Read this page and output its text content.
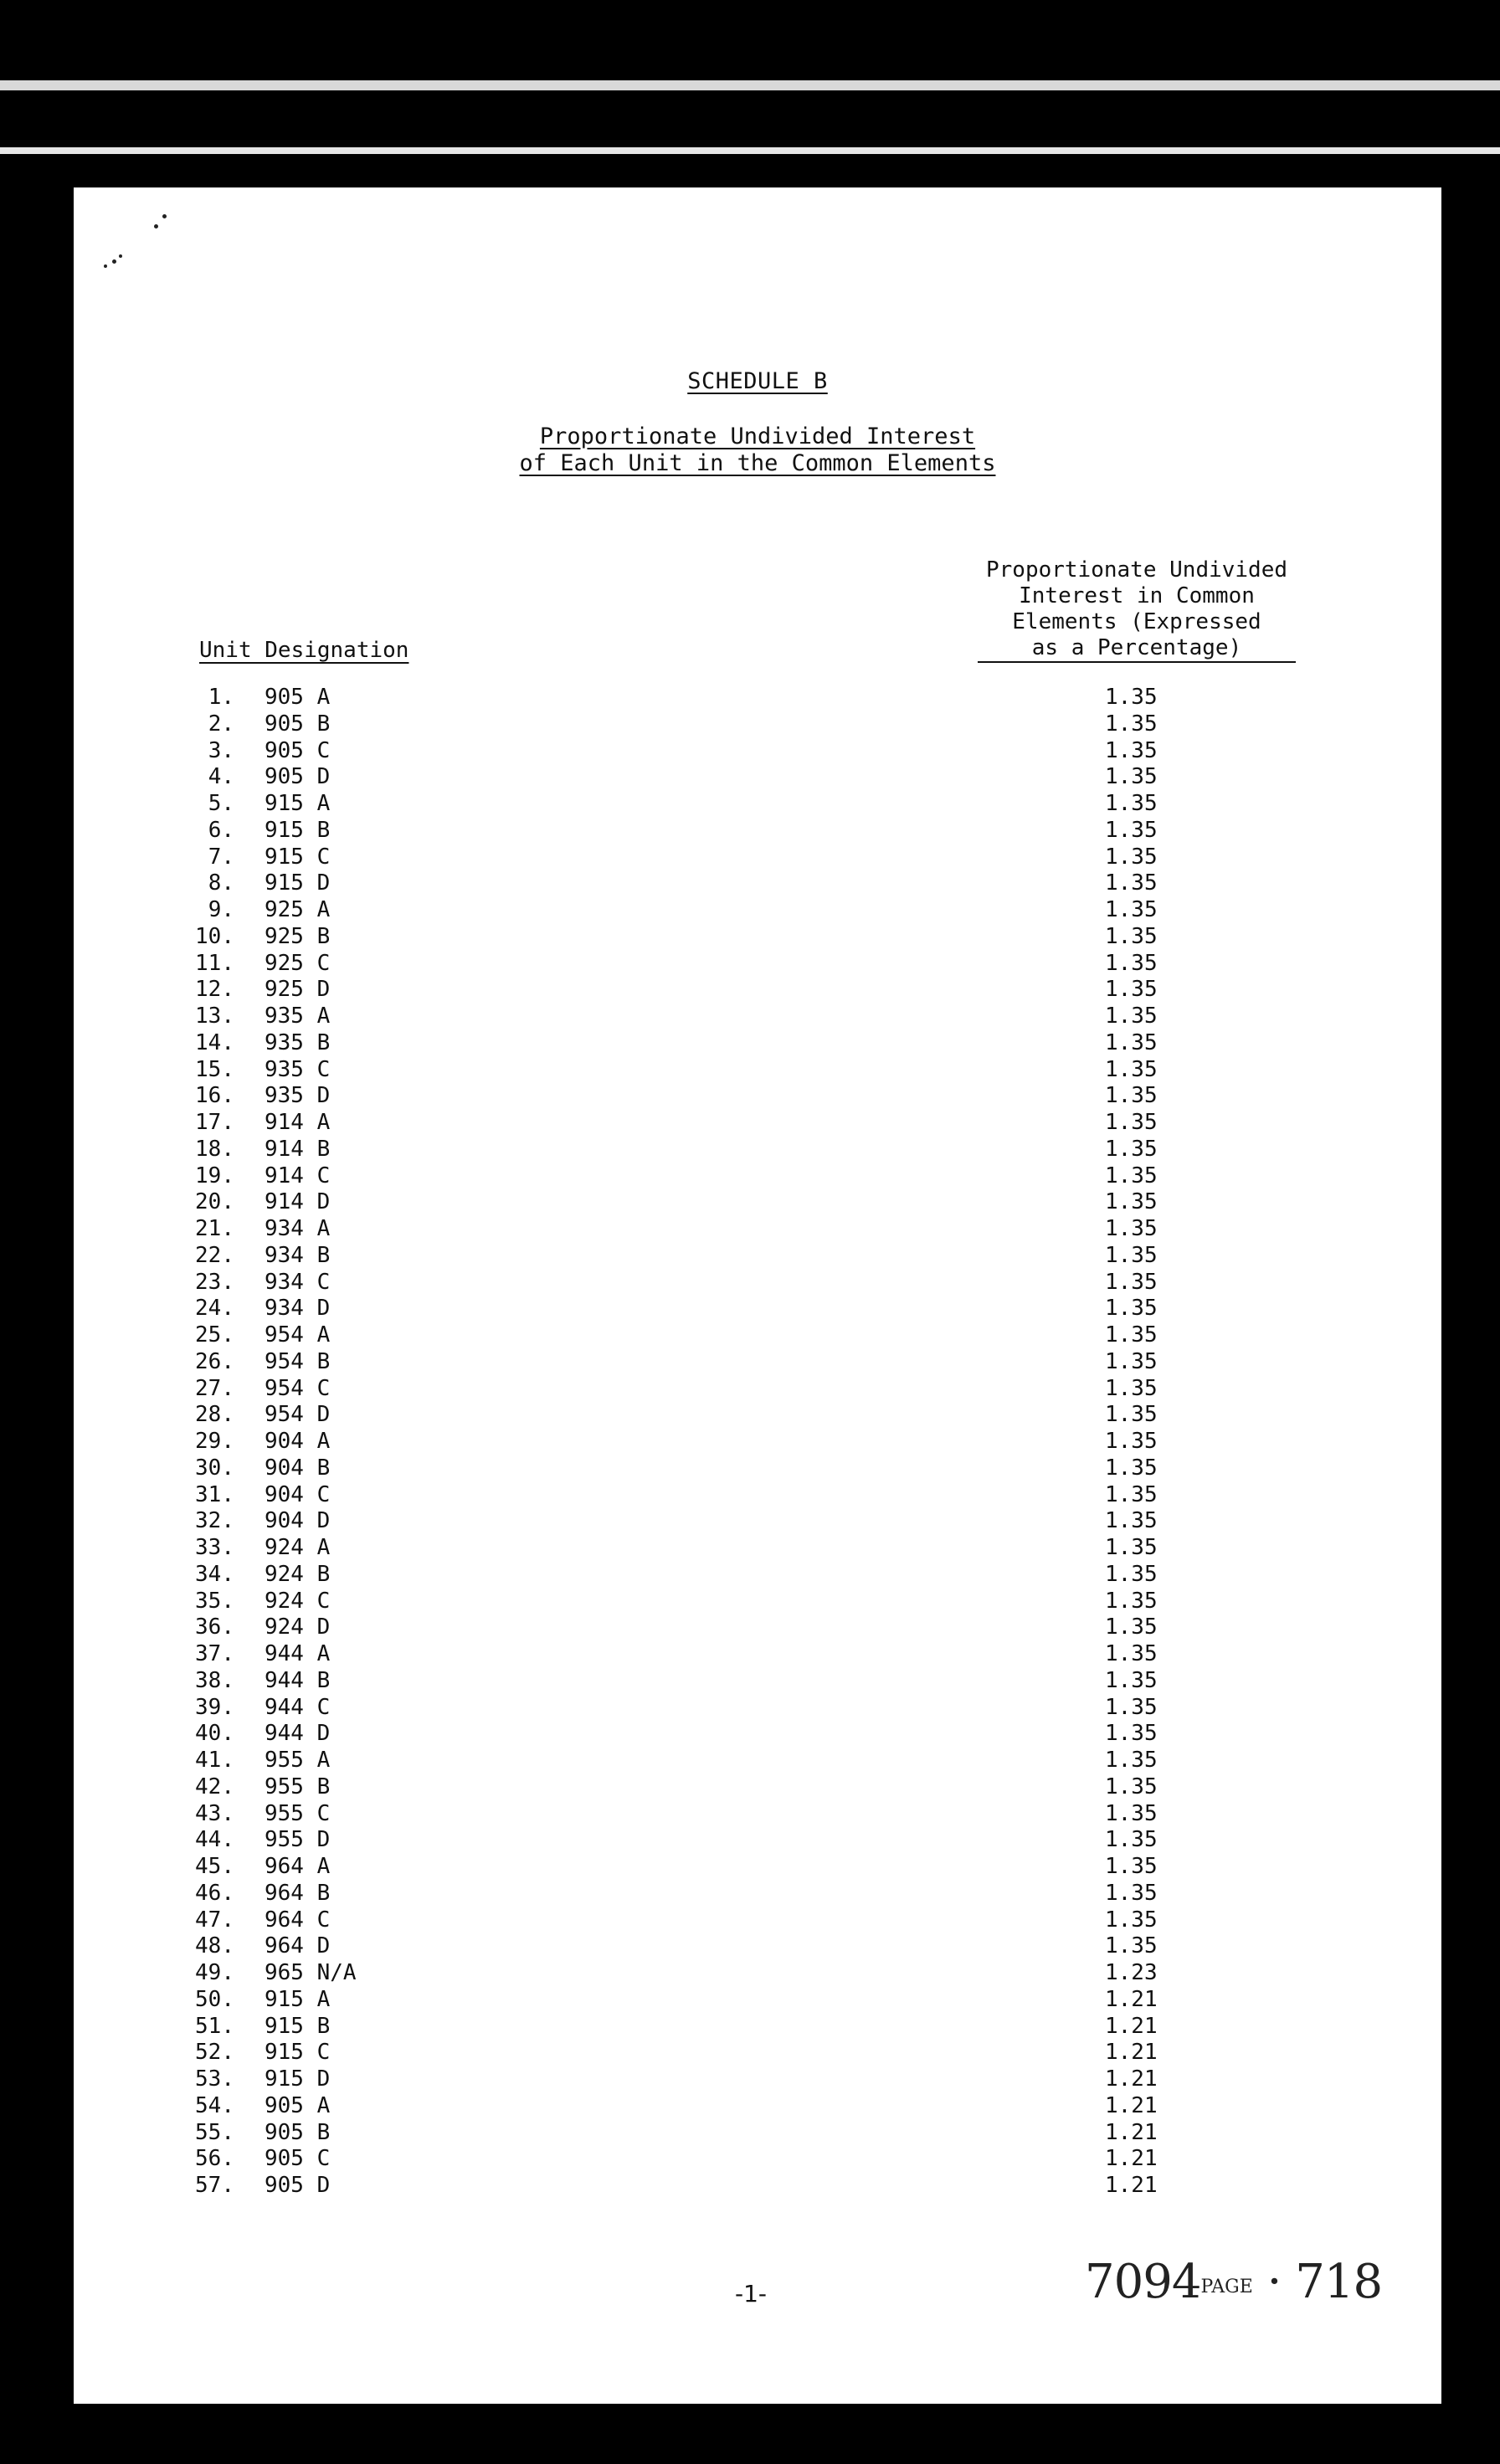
SCHEDULE B
Proportionate Undivided Interest
of Each Unit in the Common Elements
Proportionate Undivided
Interest in Common
Elements (Expressed
as a Percentage)
Unit Designation
1. 905 A	1.35
2. 905 B	1.35
3. 905 C	1.35
4. 905 D	1.35
5. 915 A	1.35
6. 915 B	1.35
7. 915 C	1.35
8. 915 D	1.35
9. 925 A	1.35
10. 925 B	1.35
11. 925 C	1.35
12. 925 D	1.35
13. 935 A	1.35
14. 935 B	1.35
15. 935 C	1.35
16. 935 D	1.35
17. 914 A	1.35
18. 914 B	1.35
19. 914 C	1.35
20. 914 D	1.35
21. 934 A	1.35
22. 934 B	1.35
23. 934 C	1.35
24. 934 D	1.35
25. 954 A	1.35
26. 954 B	1.35
27. 954 C	1.35
28. 954 D	1.35
29. 904 A	1.35
30. 904 B	1.35
31. 904 C	1.35
32. 904 D	1.35
33. 924 A	1.35
34. 924 B	1.35
35. 924 C	1.35
36. 924 D	1.35
37. 944 A	1.35
38. 944 B	1.35
39. 944 C	1.35
40. 944 D	1.35
41. 955 A	1.35
42. 955 B	1.35
43. 955 C	1.35
44. 955 D	1.35
45. 964 A	1.35
46. 964 B	1.35
47. 964 C	1.35
48. 964 D	1.35
49. 965 N/A	1.23
50. 915 A	1.21
51. 915 B	1.21
52. 915 C	1.21
53. 915 D	1.21
54. 905 A	1.21
55. 905 B	1.21
56. 905 C	1.21
57. 905 D	1.21
-1-	7094PAGE · 718
